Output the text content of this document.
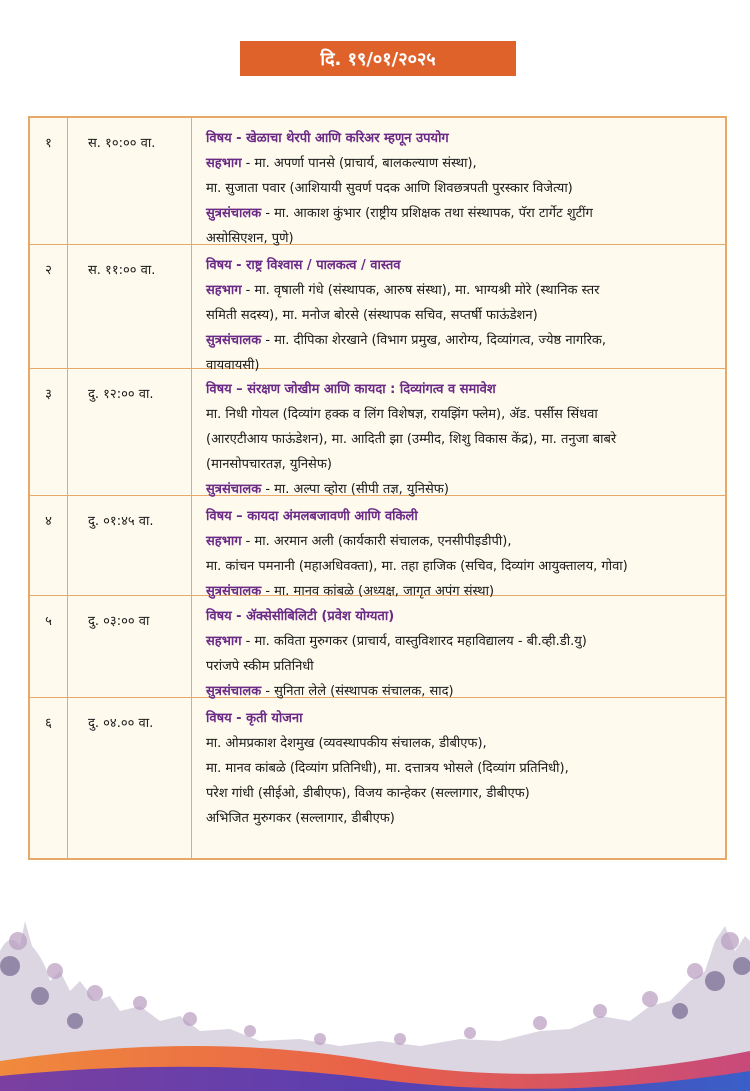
दि. १९/०१/२०२५
१	स. १०:०० वा.	विषय - खेळाचा थेरपी आणि करिअर म्हणून उपयोग
सहभाग - मा. अपर्णा पानसे (प्राचार्य, बालकल्याण संस्था),
मा. सुजाता पवार (आशियायी सुवर्ण पदक आणि शिवछत्रपती पुरस्कार विजेत्या)
सुत्रसंचालक - मा. आकाश कुंभार (राष्ट्रीय प्रशिक्षक तथा संस्थापक, पॅरा टार्गेट शुटींग
असोसिएशन, पुणे)
२	स. ११:०० वा.	विषय - राष्ट्र विश्वास / पालकत्व / वास्तव
सहभाग - मा. वृषाली गंधे (संस्थापक, आरुष संस्था), मा. भाग्यश्री मोरे (स्थानिक स्तर
समिती सदस्य), मा. मनोज बोरसे (संस्थापक सचिव, सप्तर्षी फाऊंडेशन)
सुत्रसंचालक - मा. दीपिका शेरखाने (विभाग प्रमुख, आरोग्य, दिव्यांगत्व, ज्येष्ठ नागरिक,
वायवायसी)
३	दु. १२:०० वा.	विषय – संरक्षण जोखीम आणि कायदा : दिव्यांगत्व व समावेश
मा. निधी गोयल (दिव्यांग हक्क व लिंग विशेषज्ञ, रायझिंग फ्लेम), ॲड. पर्सीस सिंधवा
(आरएटीआय फाऊंडेशन), मा. आदिती झा (उम्मीद, शिशु विकास केंद्र), मा. तनुजा बाबरे
(मानसोपचारतज्ञ, युनिसेफ)
सुत्रसंचालक - मा. अल्पा व्होरा (सीपी तज्ञ, युनिसेफ)
४	दु. ०१:४५ वा.	विषय – कायदा अंमलबजावणी आणि वकिली
सहभाग - मा. अरमान अली (कार्यकारी संचालक, एनसीपीइडीपी),
मा. कांचन पमनानी (महाअधिवक्ता), मा. तहा हाजिक (सचिव, दिव्यांग आयुक्तालय, गोवा)
सुत्रसंचालक - मा. मानव कांबळे (अध्यक्ष, जागृत अपंग संस्था)
५	दु. ०३:०० वा	विषय - ॲक्सेसीबिलिटी (प्रवेश योग्यता)
सहभाग - मा. कविता मुरुगकर (प्राचार्य, वास्तुविशारद महाविद्यालय - बी.व्ही.डी.यु)
परांजपे स्कीम प्रतिनिधी
सुत्रसंचालक - सुनिता लेले (संस्थापक संचालक, साद)
६	दु. ०४.०० वा.	विषय - कृती योजना
मा. ओमप्रकाश देशमुख (व्यवस्थापकीय संचालक, डीबीएफ),
मा. मानव कांबळे (दिव्यांग प्रतिनिधी), मा. दत्तात्रय भोसले (दिव्यांग प्रतिनिधी),
परेश गांधी (सीईओ, डीबीएफ), विजय कान्हेकर (सल्लागार, डीबीएफ)
अभिजित मुरुगकर (सल्लागार, डीबीएफ)
